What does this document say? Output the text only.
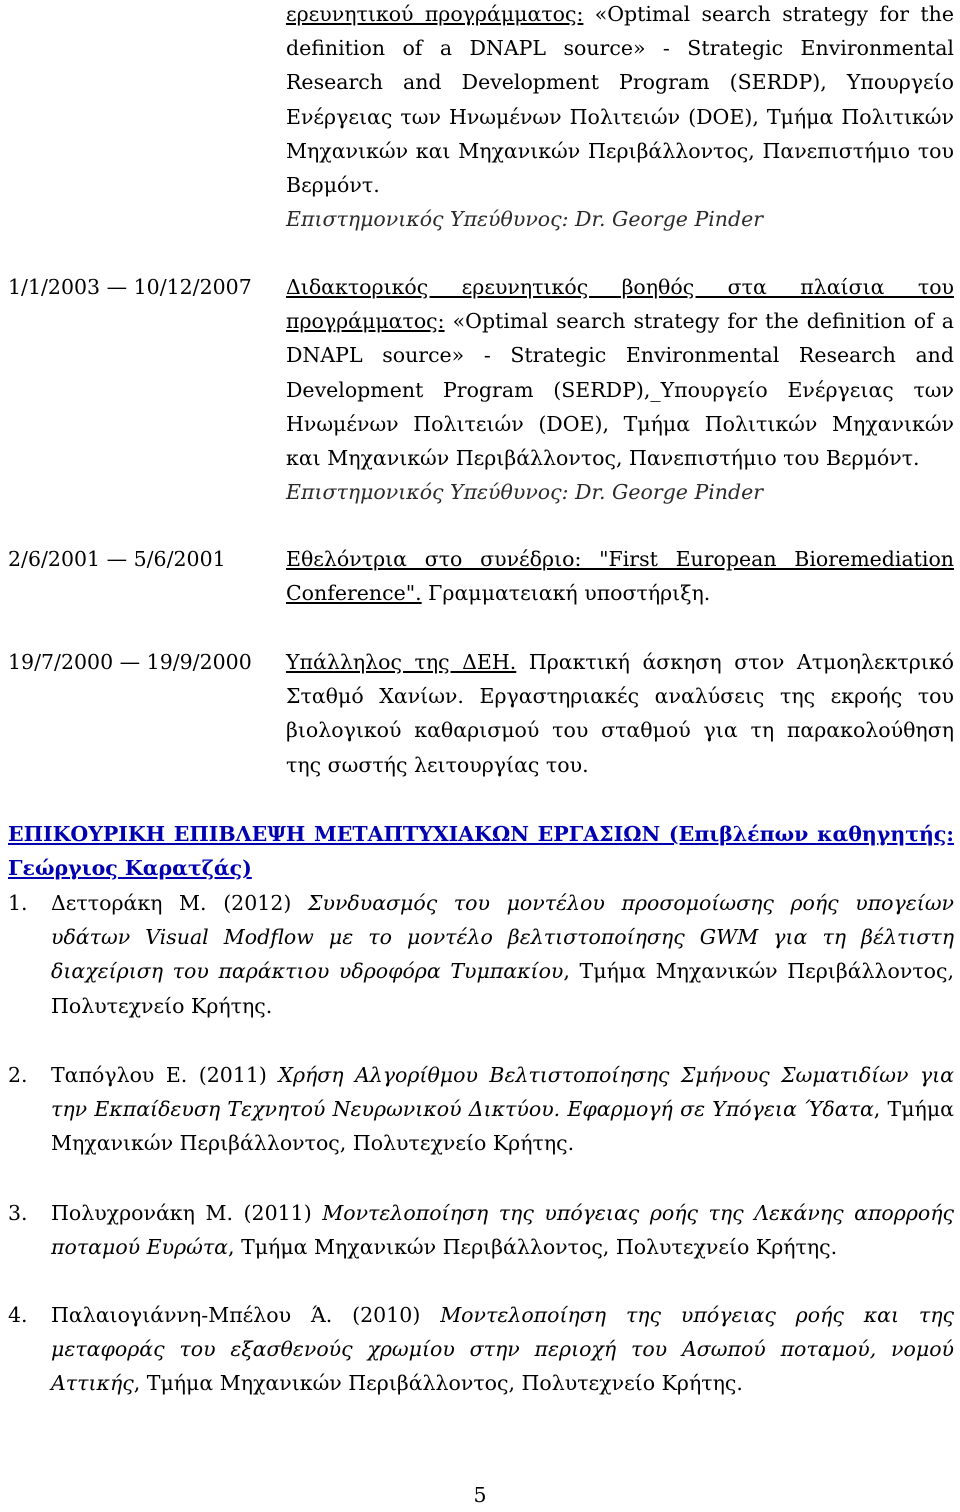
ερευνητικού προγράμματος: «Optimal search strategy for the definition of a DNAPL source» - Strategic Environmental Research and Development Program (SERDP), Υπουργείο Ενέργειας των Ηνωμένων Πολιτειών (DOE), Τμήμα Πολιτικών Μηχανικών και Μηχανικών Περιβάλλοντος, Πανεπιστήμιο του Βερμόντ.
Επιστημονικός Υπεύθυνος: Dr. George Pinder
1/1/2003 — 10/12/2007 Διδακτορικός ερευνητικός βοηθός στα πλαίσια του προγράμματος: «Optimal search strategy for the definition of a DNAPL source» - Strategic Environmental Research and Development Program (SERDP),_Υπουργείο Ενέργειας των Ηνωμένων Πολιτειών (DOE), Τμήμα Πολιτικών Μηχανικών και Μηχανικών Περιβάλλοντος, Πανεπιστήμιο του Βερμόντ.
Επιστημονικός Υπεύθυνος: Dr. George Pinder
2/6/2001 — 5/6/2001	Εθελόντρια στο συνέδριο: "First European Bioremediation Conference". Γραμματειακή υποστήριξη.
19/7/2000 — 19/9/2000 Υπάλληλος της ΔΕΗ. Πρακτική άσκηση στον Ατμοηλεκτρικό Σταθμό Χανίων. Εργαστηριακές αναλύσεις της εκροής του βιολογικού καθαρισμού του σταθμού για τη παρακολούθηση της σωστής λειτουργίας του.
ΕΠΙΚΟΥΡΙΚΗ ΕΠΙΒΛΕΨΗ ΜΕΤΑΠΤΥΧΙΑΚΩΝ ΕΡΓΑΣΙΩΝ (Επιβλέπων καθηγητής: Γεώργιος Καρατζάς)
1. Δεττοράκη Μ. (2012) Συνδυασμός του μοντέλου προσομοίωσης ροής υπογείων υδάτων Visual Modflow με το μοντέλο βελτιστοποίησης GWM για τη βέλτιστη διαχείριση του παράκτιου υδροφόρα Τυμπακίου, Τμήμα Μηχανικών Περιβάλλοντος, Πολυτεχνείο Κρήτης.
2. Ταπόγλου Ε. (2011) Χρήση Αλγορίθμου Βελτιστοποίησης Σμήνους Σωματιδίων για την Εκπαίδευση Τεχνητού Νευρωνικού Δικτύου. Εφαρμογή σε Υπόγεια Ύδατα, Τμήμα Μηχανικών Περιβάλλοντος, Πολυτεχνείο Κρήτης.
3. Πολυχρονάκη Μ. (2011) Μοντελοποίηση της υπόγειας ροής της Λεκάνης απορροής ποταμού Ευρώτα, Τμήμα Μηχανικών Περιβάλλοντος, Πολυτεχνείο Κρήτης.
4. Παλαιογιάννη-Μπέλου Ά. (2010) Μοντελοποίηση της υπόγειας ροής και της μεταφοράς του εξασθενούς χρωμίου στην περιοχή του Ασωπού ποταμού, νομού Αττικής, Τμήμα Μηχανικών Περιβάλλοντος, Πολυτεχνείο Κρήτης.
5
